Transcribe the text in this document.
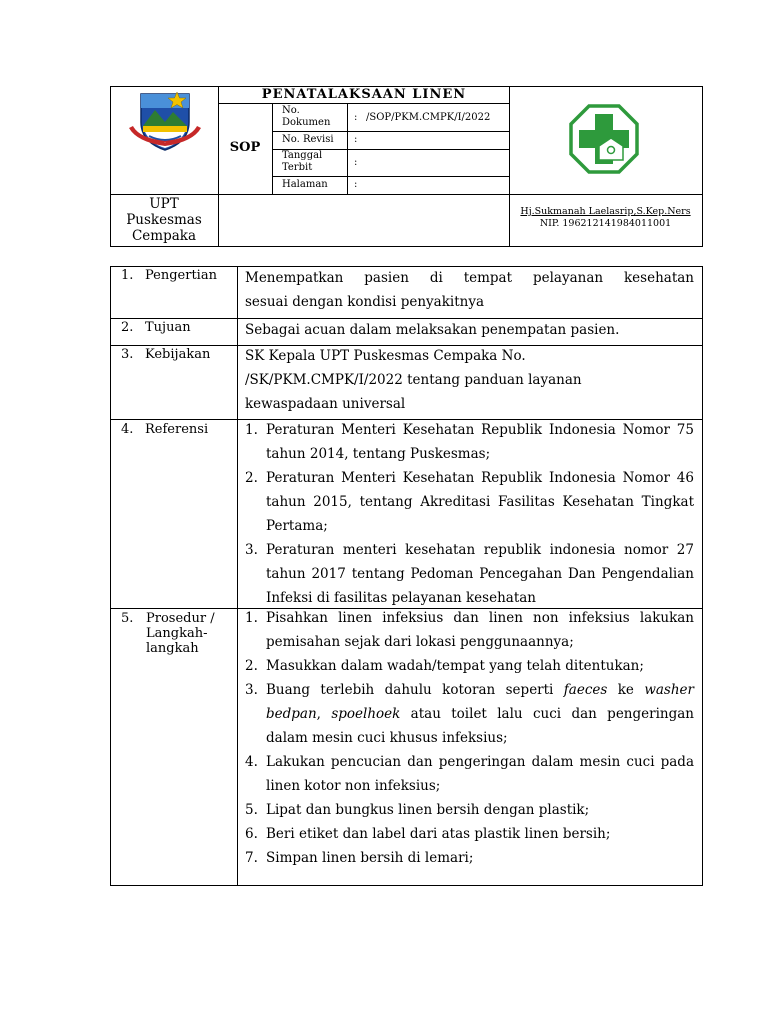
·
PENATALAKSAAN LINEN
SOP
No.
Dokumen : /SOP/PKM.CMPK/I/2022
No. Revisi :
Tanggal
Terbit	:
Halaman	:
UPT
Puskesmas
Cempaka
Hj.Sukmanah Laelasrip,S.Kep.Ners
NIP. 196212141984011001
1. Pengertian
2. Tujuan
3. Kebijakan
4. Referensi
5. Prosedur /
Langkah-
langkah
Menempatkan pasien di tempat pelayanan kesehatan
sesuai dengan kondisi penyakitnya
Sebagai acuan dalam melaksakan penempatan pasien.
SK Kepala UPT Puskesmas Cempaka No.
/SK/PKM.CMPK/I/2022 tentang panduan layanan
kewaspadaan universal
1. Peraturan Menteri Kesehatan Republik Indonesia Nomor 75
tahun 2014, tentang Puskesmas;
2. Peraturan Menteri Kesehatan Republik Indonesia Nomor 46
tahun 2015, tentang Akreditasi Fasilitas Kesehatan Tingkat
Pertama;
3. Peraturan menteri kesehatan republik indonesia nomor 27
tahun 2017 tentang Pedoman Pencegahan Dan Pengendalian
Infeksi di fasilitas pelayanan kesehatan
1. Pisahkan linen infeksius dan linen non infeksius lakukan
pemisahan sejak dari lokasi penggunaannya;
2. Masukkan dalam wadah/tempat yang telah ditentukan;
3. Buang terlebih dahulu kotoran seperti faeces ke washer
bedpan, spoelhoek atau toilet lalu cuci dan pengeringan
dalam mesin cuci khusus infeksius;
4. Lakukan pencucian dan pengeringan dalam mesin cuci pada
linen kotor non infeksius;
5. Lipat dan bungkus linen bersih dengan plastik;
6. Beri etiket dan label dari atas plastik linen bersih;
7. Simpan linen bersih di lemari;
